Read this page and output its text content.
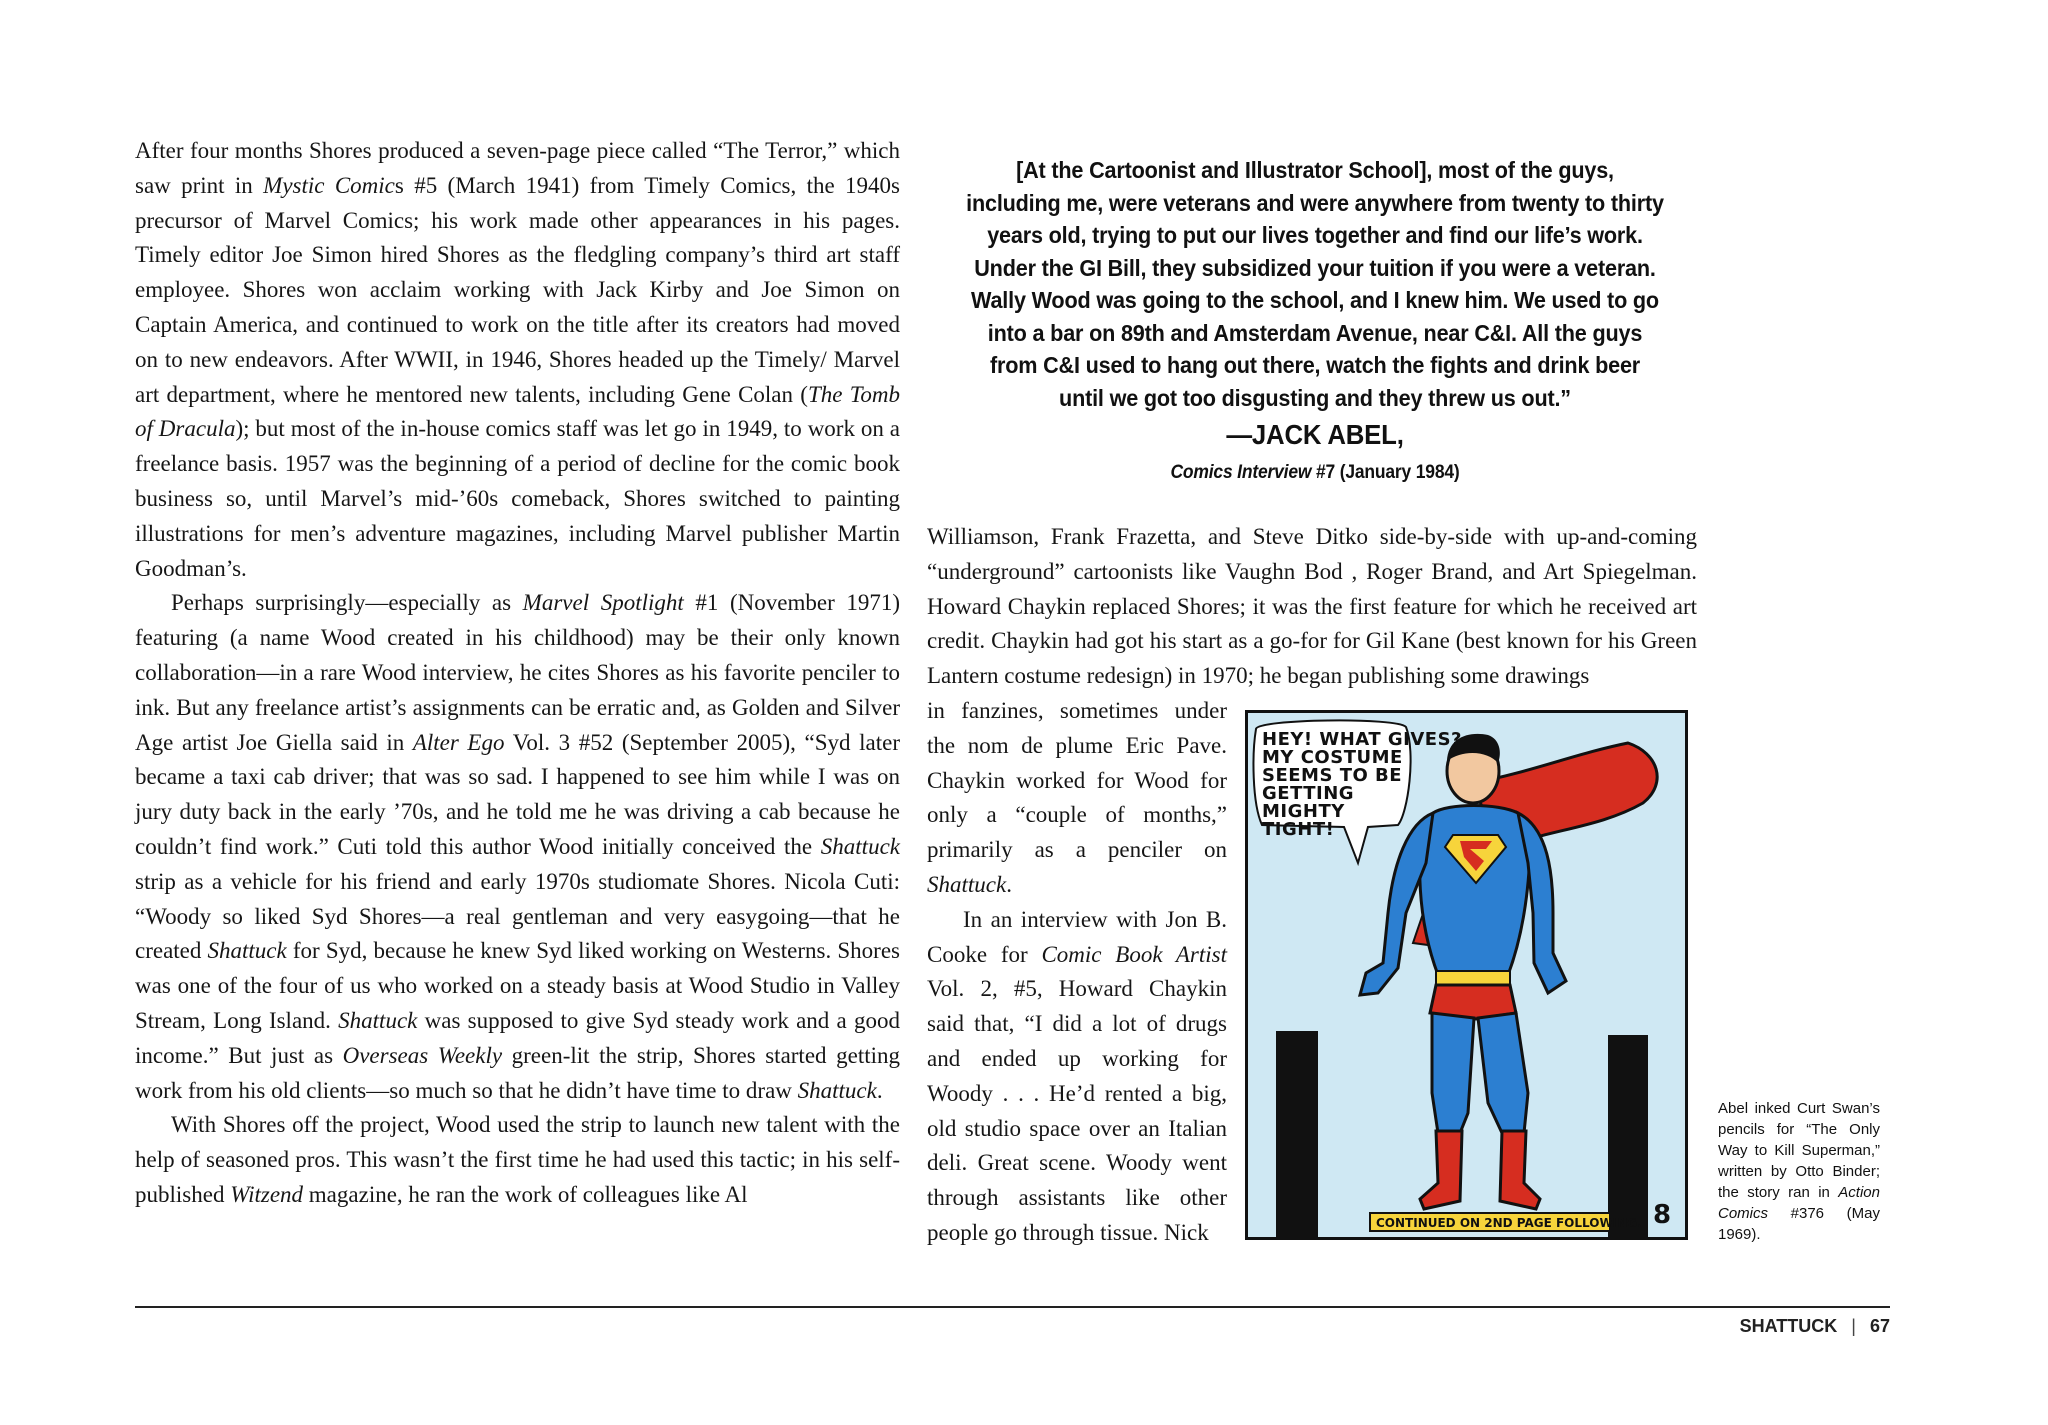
After four months Shores produced a seven-page piece called “The Terror,” which saw print in Mystic Comics #5 (March 1941) from Timely Comics, the 1940s precursor of Marvel Comics; his work made other appearances in his pages. Timely editor Joe Simon hired Shores as the fledgling company’s third art staff employee. Shores won acclaim working with Jack Kirby and Joe Simon on Captain America, and continued to work on the title after its creators had moved on to new endeavors. After WWII, in 1946, Shores headed up the Timely/ Marvel art department, where he mentored new talents, including Gene Colan (The Tomb of Dracula); but most of the in-house comics staff was let go in 1949, to work on a freelance basis. 1957 was the beginning of a period of decline for the comic book business so, until Marvel’s mid-’60s comeback, Shores switched to painting illustrations for men’s adventure magazines, including Marvel publisher Martin Goodman’s.

Perhaps surprisingly—especially as Marvel Spotlight #1 (November 1971) featuring (a name Wood created in his childhood) may be their only known collaboration—in a rare Wood interview, he cites Shores as his favorite penciler to ink. But any freelance artist’s assignments can be erratic and, as Golden and Silver Age artist Joe Giella said in Alter Ego Vol. 3 #52 (September 2005), “Syd later became a taxi cab driver; that was so sad. I happened to see him while I was on jury duty back in the early ’70s, and he told me he was driving a cab because he couldn’t find work.” Cuti told this author Wood initially conceived the Shattuck strip as a vehicle for his friend and early 1970s studiomate Shores. Nicola Cuti: “Woody so liked Syd Shores—a real gentleman and very easygoing—that he created Shattuck for Syd, because he knew Syd liked working on Westerns. Shores was one of the four of us who worked on a steady basis at Wood Studio in Valley Stream, Long Island. Shattuck was supposed to give Syd steady work and a good income.” But just as Overseas Weekly green-lit the strip, Shores started getting work from his old clients—so much so that he didn’t have time to draw Shattuck.

With Shores off the project, Wood used the strip to launch new talent with the help of seasoned pros. This wasn’t the first time he had used this tactic; in his self-published Witzend magazine, he ran the work of colleagues like Al

[At the Cartoonist and Illustrator School], most of the guys,
including me, were veterans and were anywhere from twenty to thirty
years old, trying to put our lives together and find our life’s work.
Under the GI Bill, they subsidized your tuition if you were a veteran.
Wally Wood was going to the school, and I knew him. We used to go
into a bar on 89th and Amsterdam Avenue, near C&I. All the guys
from C&I used to hang out there, watch the fights and drink beer
until we got too disgusting and they threw us out.”
—JACK ABEL,
Comics Interview #7 (January 1984)

Williamson, Frank Frazetta, and Steve Ditko side-by-side with up-and-coming “underground” cartoonists like Vaughn Bod , Roger Brand, and Art Spiegelman. Howard Chaykin replaced Shores; it was the first feature for which he received art credit. Chaykin had got his start as a go-for for Gil Kane (best known for his Green Lantern costume redesign) in 1970; he began publishing some drawings

in fanzines, sometimes under the nom de plume Eric Pave. Chaykin worked for Wood for only a “couple of months,” primarily as a penciler on Shattuck.

In an interview with Jon B. Cooke for Comic Book Artist Vol. 2, #5, Howard Chaykin said that, “I did a lot of drugs and ended up working for Woody . . . He’d rented a big, old studio space over an Italian deli. Great scene. Woody went through assistants like other people go through tissue. Nick

HEY! WHAT GIVES?
MY COSTUME
SEEMS TO BE
GETTING
MIGHTY
TIGHT!
CONTINUED ON 2ND PAGE FOLLOWING. 8
Abel inked Curt Swan’s pencils for “The Only Way to Kill Superman,” written by Otto Binder; the story ran in Action Comics #376 (May 1969).
SHATTUCK | 67
